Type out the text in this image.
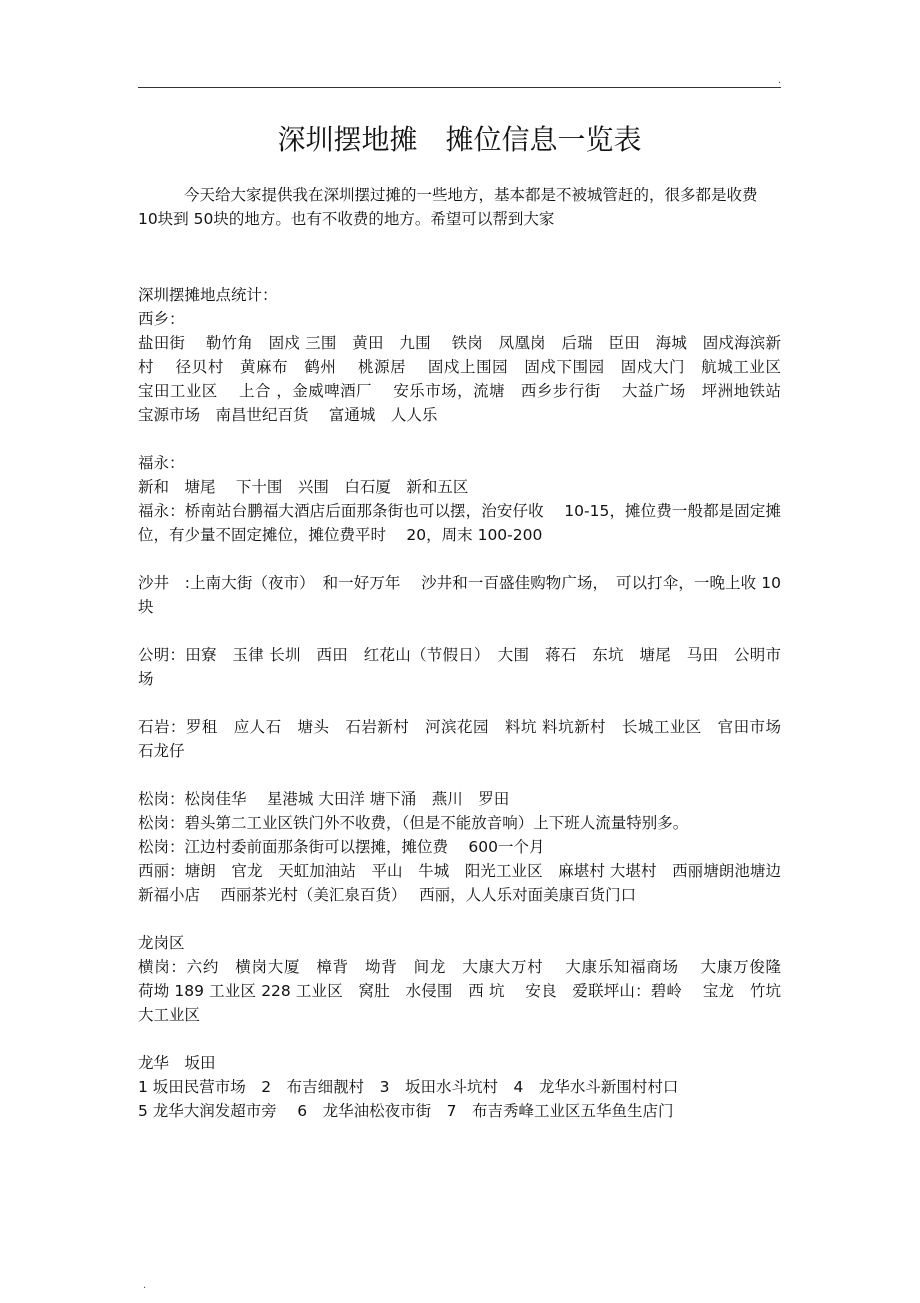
.
深圳摆地摊　摊位信息一览表
今天给大家提供我在深圳摆过摊的一些地方，基本都是不被城管赶的，很多都是收费 10块到 50块的地方。也有不收费的地方。希望可以帮到大家

深圳摆摊地点统计：

西乡：

盐田街　 勒竹角　固戍 三围　黄田　九围　 铁岗　凤凰岗　后瑞　臣田　海城　固戍海滨新村　 径贝村　黄麻布　鹤州　 桃源居　 固戍上围园　固戍下围园　固戍大门　航城工业区　宝田工业区　 上合 ，金威啤酒厂　 安乐市场，流塘　西乡步行街　 大益广场　坪洲地铁站　 宝源市场　南昌世纪百货　 富通城　人人乐

福永：

新和　塘尾　 下十围　兴围　白石厦　新和五区

福永：桥南站台鹏福大酒店后面那条街也可以摆，治安仔收　 10-15，摊位费一般都是固定摊位，有少量不固定摊位，摊位费平时　 20，周末 100-200

沙井　:上南大街（夜市）　和一好万年　 沙井和一百盛佳购物广场，　可以打伞，一晚上收 10块

公明：田寮　玉律 长圳　西田　红花山（节假日）　大围　蒋石　东坑　塘尾　马田　公明市场

石岩：罗租　应人石　塘头　石岩新村　河滨花园　料坑 料坑新村　长城工业区　官田市场　石龙仔

松岗：松岗佳华　 星港城 大田洋 塘下涌　燕川　罗田

松岗：碧头第二工业区铁门外不收费，（但是不能放音响）上下班人流量特别多。

松岗：江边村委前面那条街可以摆摊，摊位费　 600一个月

西丽：塘朗　官龙　天虹加油站　平山　牛城　阳光工业区　麻堪村 大堪村　西丽塘朗池塘边新福小店　 西丽茶光村（美汇泉百货）　 西丽，人人乐对面美康百货门口

龙岗区

横岗：六约　横岗大厦　樟背　坳背　间龙　大康大万村　 大康乐知福商场　 大康万俊隆　荷坳 189 工业区 228 工业区　窝肚　水侵围　西 坑　 安良　爱联坪山：碧岭　 宝龙　竹坑　大工业区

龙华　坂田

1 坂田民营市场　2　布吉细靓村　3　坂田水斗坑村　4　龙华水斗新围村村口

5 龙华大润发超市旁　 6　龙华油松夜市街　7　布吉秀峰工业区五华鱼生店门

.
